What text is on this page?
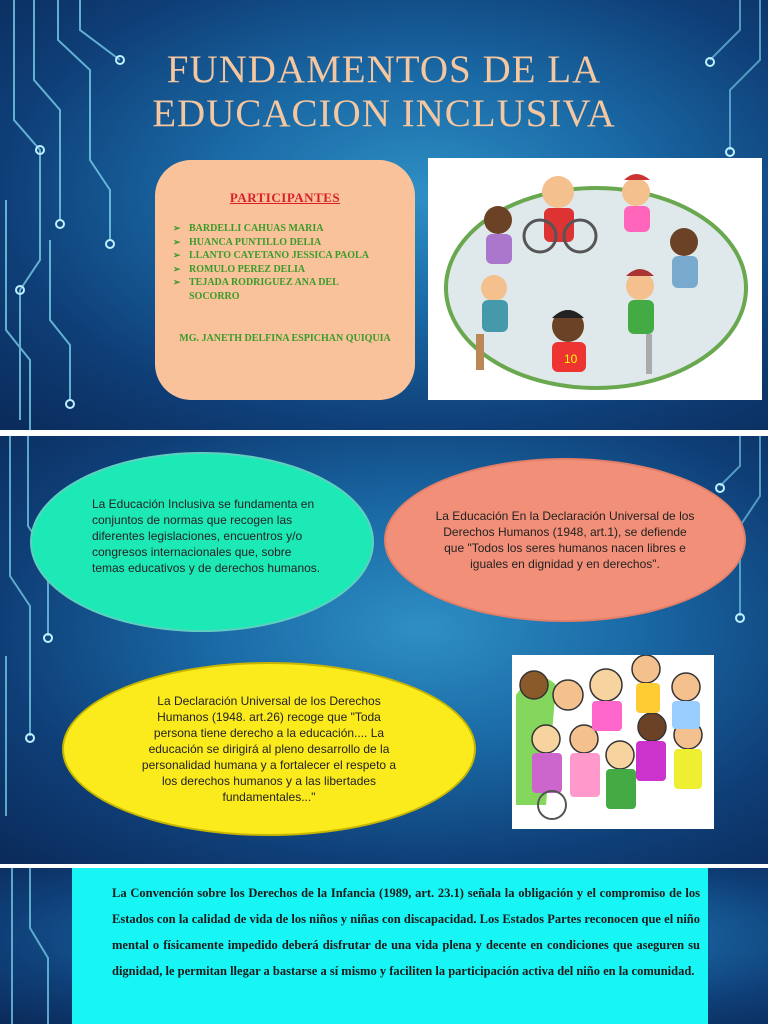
FUNDAMENTOS DE LA
EDUCACION INCLUSIVA
PARTICIPANTES
➢ BARDELLI CAHUAS MARIA
➢ HUANCA PUNTILLO DELIA
➢ LLANTO CAYETANO JESSICA PAOLA
➢ ROMULO PEREZ DELIA
➢ TEJADA RODRIGUEZ ANA DEL SOCORRO
MG. JANETH DELFINA ESPICHAN QUIQUIA
10
La Educación Inclusiva se fundamenta en conjuntos de normas que recogen las diferentes legislaciones, encuentros y/o congresos internacionales que, sobre temas educativos y de derechos humanos.
La Educación En la Declaración Universal de los Derechos Humanos (1948, art.1), se defiende que "Todos los seres humanos nacen libres e iguales en dignidad y en derechos".
La Declaración Universal de los Derechos Humanos (1948. art.26) recoge que "Toda persona tiene derecho a la educación.... La educación se dirigirá al pleno desarrollo de la personalidad humana y a fortalecer el respeto a los derechos humanos y a las libertades fundamentales..."
La Convención sobre los Derechos de la Infancia (1989, art. 23.1) señala la obligación y el compromiso de los Estados con la calidad de vida de los niños y niñas con discapacidad. Los Estados Partes reconocen que el niño mental o físicamente impedido deberá disfrutar de una vida plena y decente en condiciones que aseguren su dignidad, le permitan llegar a bastarse a sí mismo y faciliten la participación activa del niño en la comunidad.
